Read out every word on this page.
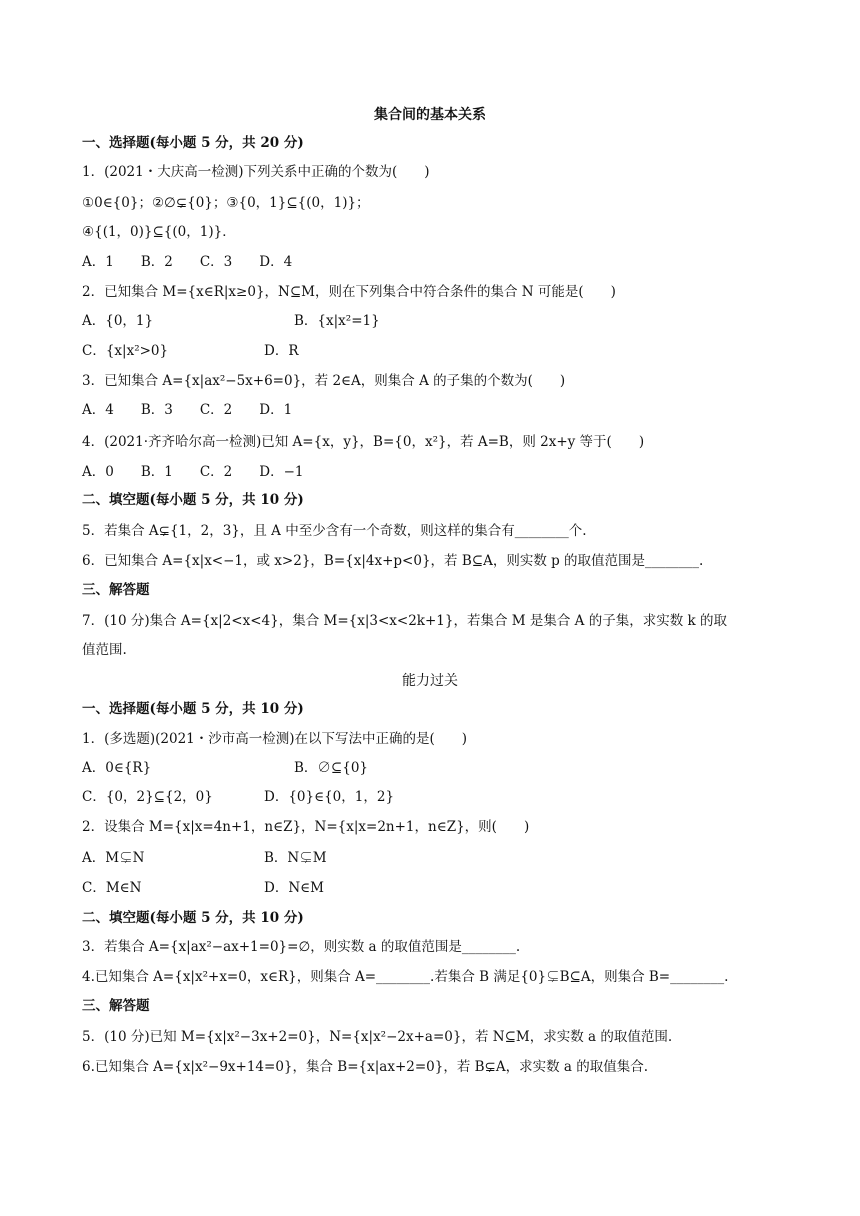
集合间的基本关系
一、选择题(每小题 5 分，共 20 分)
1．(2021・大庆高一检测)下列关系中正确的个数为(　　)
①0∈{0}；②∅⊊{0}；③{0，1}⊆{(0，1)}；
④{(1，0)}⊆{(0，1)}．
A．1　　B．2　　C．3　　D．4
2．已知集合 M={x∈R|x≥0}，N⊆M，则在下列集合中符合条件的集合 N 可能是(　　)
A．{0，1}	B．{x|x²=1}
C．{x|x²>0}	D．R
3．已知集合 A={x|ax²−5x+6=0}，若 2∈A，则集合 A 的子集的个数为(　　)
A．4　　B．3　　C．2　　D．1
4．(2021·齐齐哈尔高一检测)已知 A={x，y}，B={0，x²}，若 A=B，则 2x+y 等于(　　)
A．0　　B．1　　C．2　　D．−1
二、填空题(每小题 5 分，共 10 分)
5．若集合 A⊊{1，2，3}，且 A 中至少含有一个奇数，则这样的集合有________个.
6．已知集合 A={x|x<−1，或 x>2}，B={x|4x+p<0}，若 B⊆A，则实数 p 的取值范围是________.
三、解答题
7．(10 分)集合 A={x|2<x<4}，集合 M={x|3<x<2k+1}，若集合 M 是集合 A 的子集，求实数 k 的取
值范围.
能力过关
一、选择题(每小题 5 分，共 10 分)
1．(多选题)(2021・沙市高一检测)在以下写法中正确的是(　　)
A．0∈{R}	B．∅⊆{0}
C．{0，2}⊆{2，0}	D．{0}∈{0，1，2}
2．设集合 M={x|x=4n+1，n∈Z}，N={x|x=2n+1，n∈Z}，则(　　)
A．M⊊N	B．N⊊M
C．M∈N	D．N∈M
二、填空题(每小题 5 分，共 10 分)
3．若集合 A={x|ax²−ax+1=0}=∅，则实数 a 的取值范围是________.
4.已知集合 A={x|x²+x=0，x∈R}，则集合 A=________.若集合 B 满足{0}⊊B⊆A，则集合 B=________.
三、解答题
5．(10 分)已知 M={x|x²−3x+2=0}，N={x|x²−2x+a=0}，若 N⊆M，求实数 a 的取值范围.
6.已知集合 A={x|x²−9x+14=0}，集合 B={x|ax+2=0}，若 B⊊A，求实数 a 的取值集合.
